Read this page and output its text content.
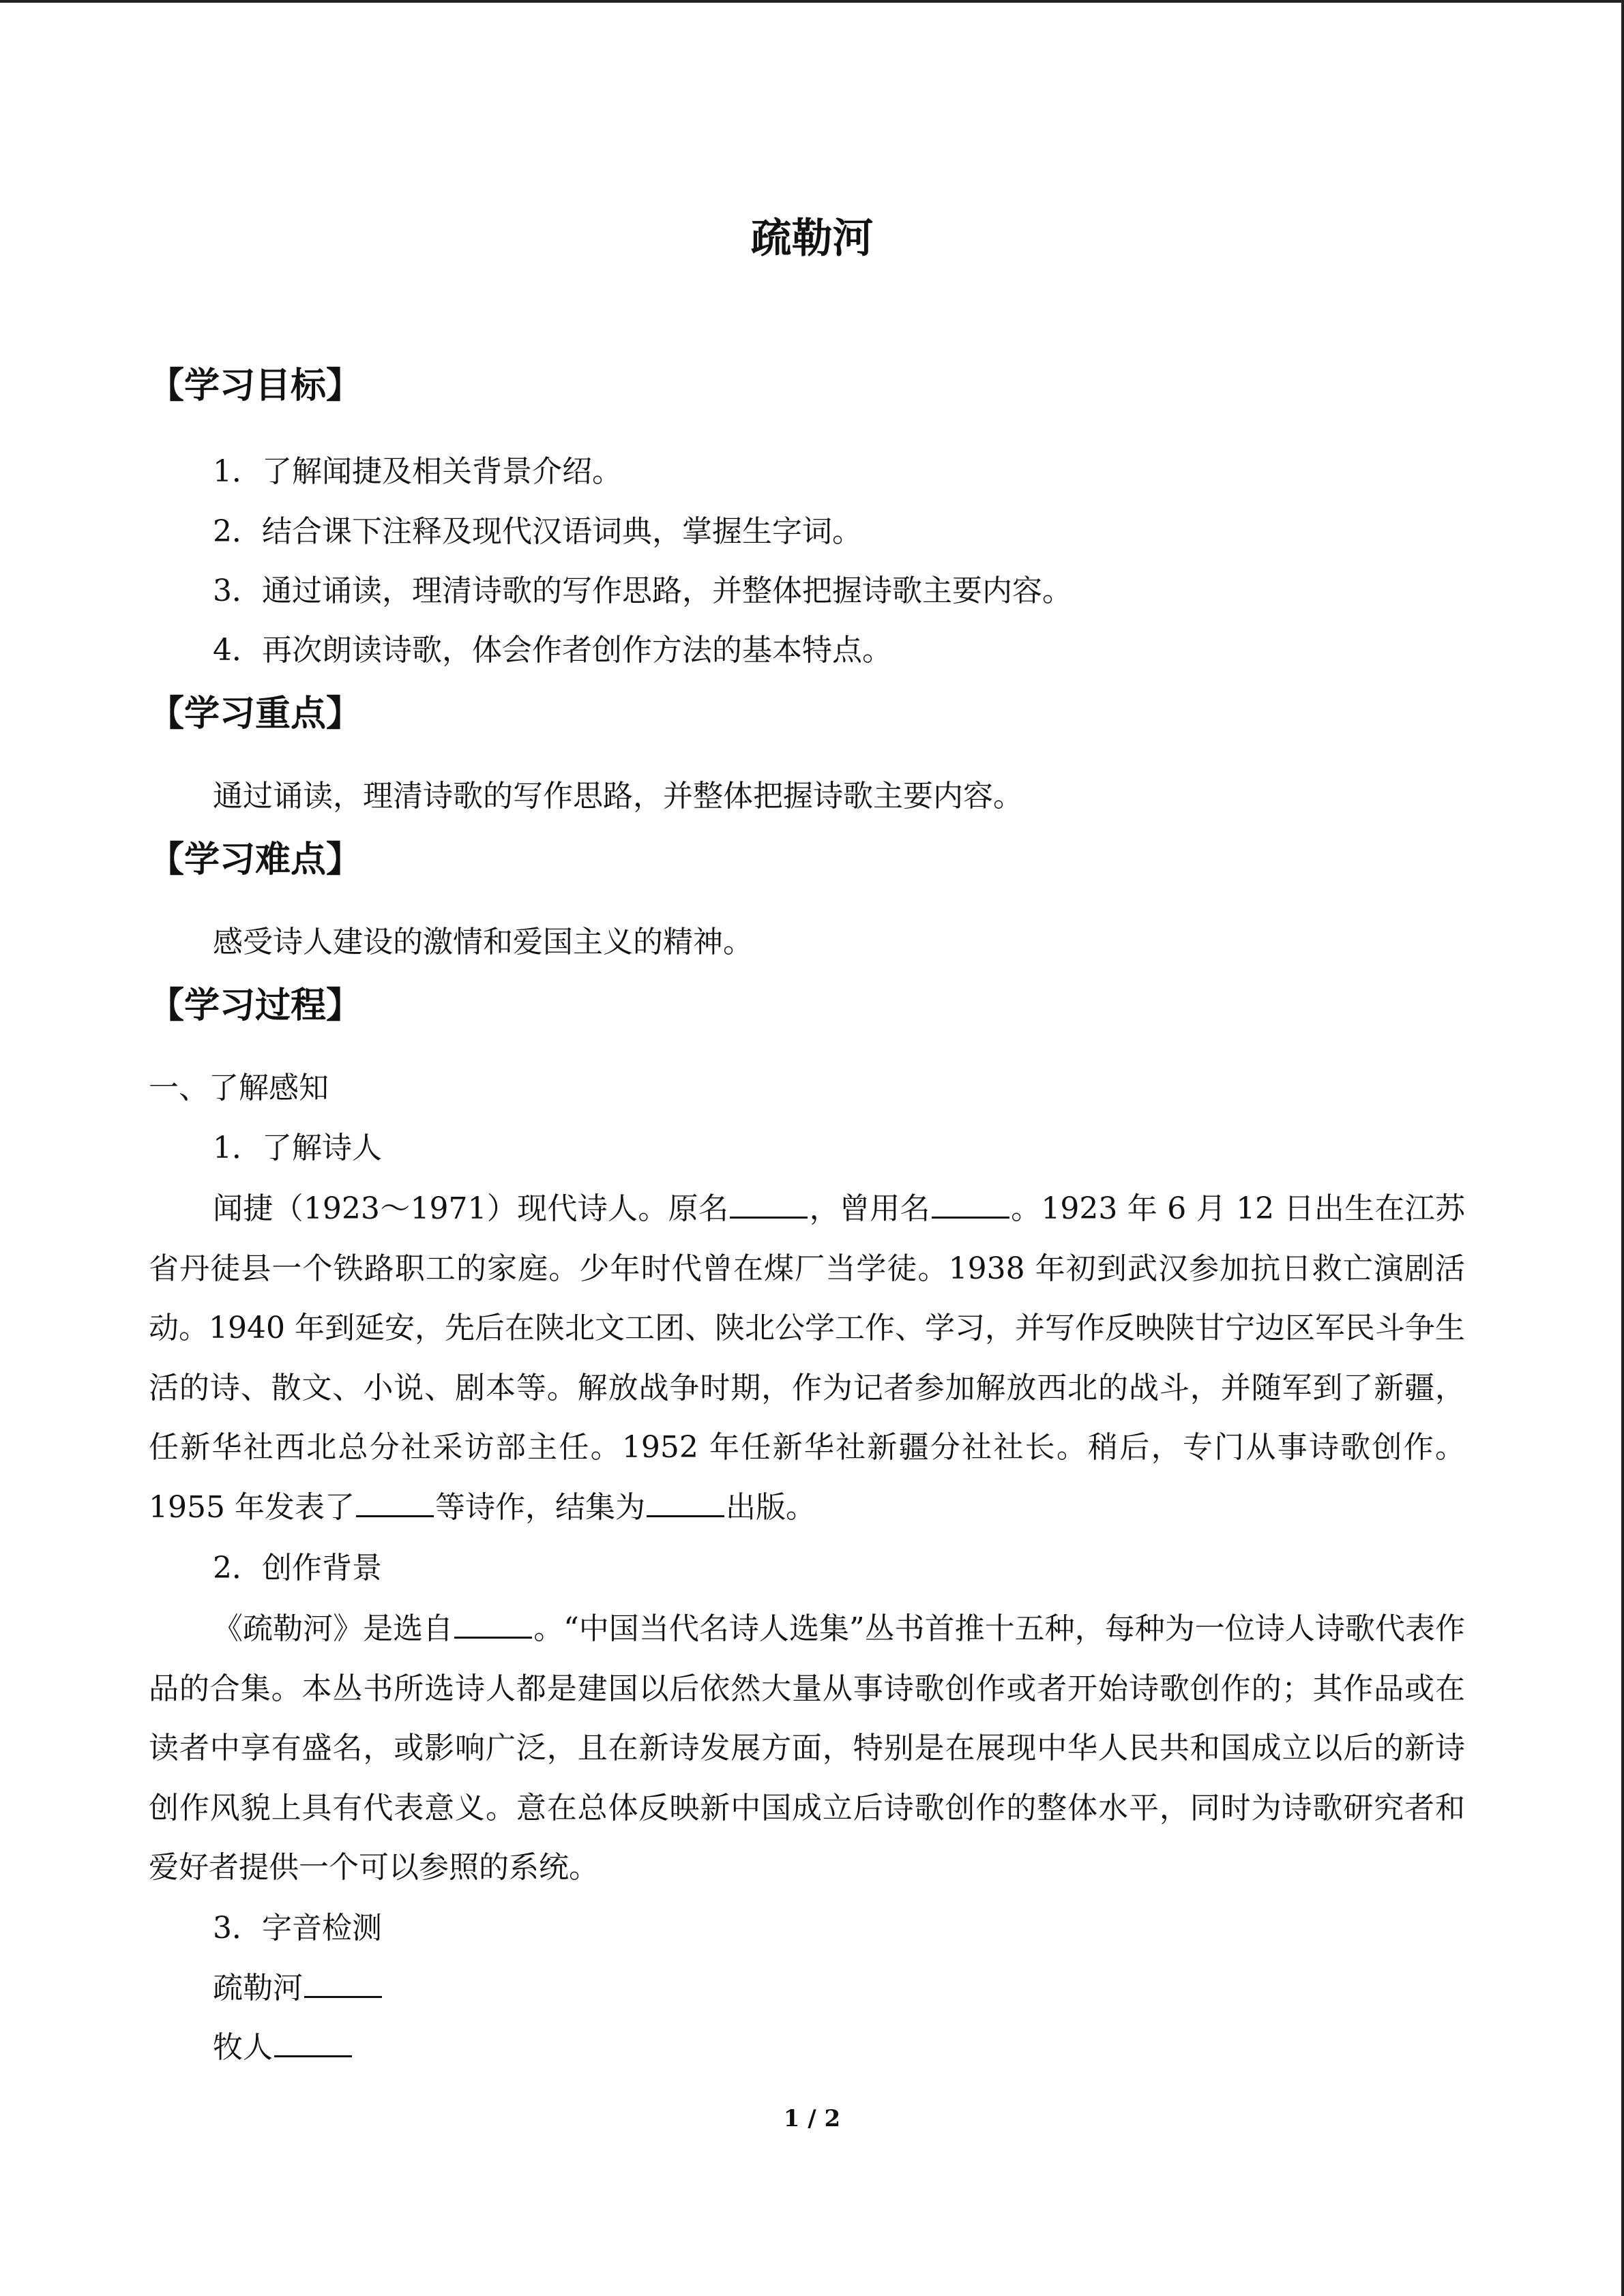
疏勒河
【学习目标】
1．了解闻捷及相关背景介绍。
2．结合课下注释及现代汉语词典，掌握生字词。
3．通过诵读，理清诗歌的写作思路，并整体把握诗歌主要内容。
4．再次朗读诗歌，体会作者创作方法的基本特点。
【学习重点】
通过诵读，理清诗歌的写作思路，并整体把握诗歌主要内容。
【学习难点】
感受诗人建设的激情和爱国主义的精神。
【学习过程】
一、了解感知
1．了解诗人
闻捷（1923～1971）现代诗人。原名	，曾用名	。1923 年 6 月 12 日出生在江苏省丹徒县一个铁路职工的家庭。少年时代曾在煤厂当学徒。1938 年初到武汉参加抗日救亡演剧活动。1940 年到延安，先后在陕北文工团、陕北公学工作、学习，并写作反映陕甘宁边区军民斗争生活的诗、散文、小说、剧本等。解放战争时期，作为记者参加解放西北的战斗，并随军到了新疆，任新华社西北总分社采访部主任。1952 年任新华社新疆分社社长。稍后，专门从事诗歌创作。1955 年发表了	等诗作，结集为	出版。
2．创作背景
《疏勒河》是选自	。“中国当代名诗人选集”丛书首推十五种，每种为一位诗人诗歌代表作品的合集。本丛书所选诗人都是建国以后依然大量从事诗歌创作或者开始诗歌创作的；其作品或在读者中享有盛名，或影响广泛，且在新诗发展方面，特别是在展现中华人民共和国成立以后的新诗创作风貌上具有代表意义。意在总体反映新中国成立后诗歌创作的整体水平，同时为诗歌研究者和爱好者提供一个可以参照的系统。
3．字音检测
疏勒河
牧人
1 / 2
